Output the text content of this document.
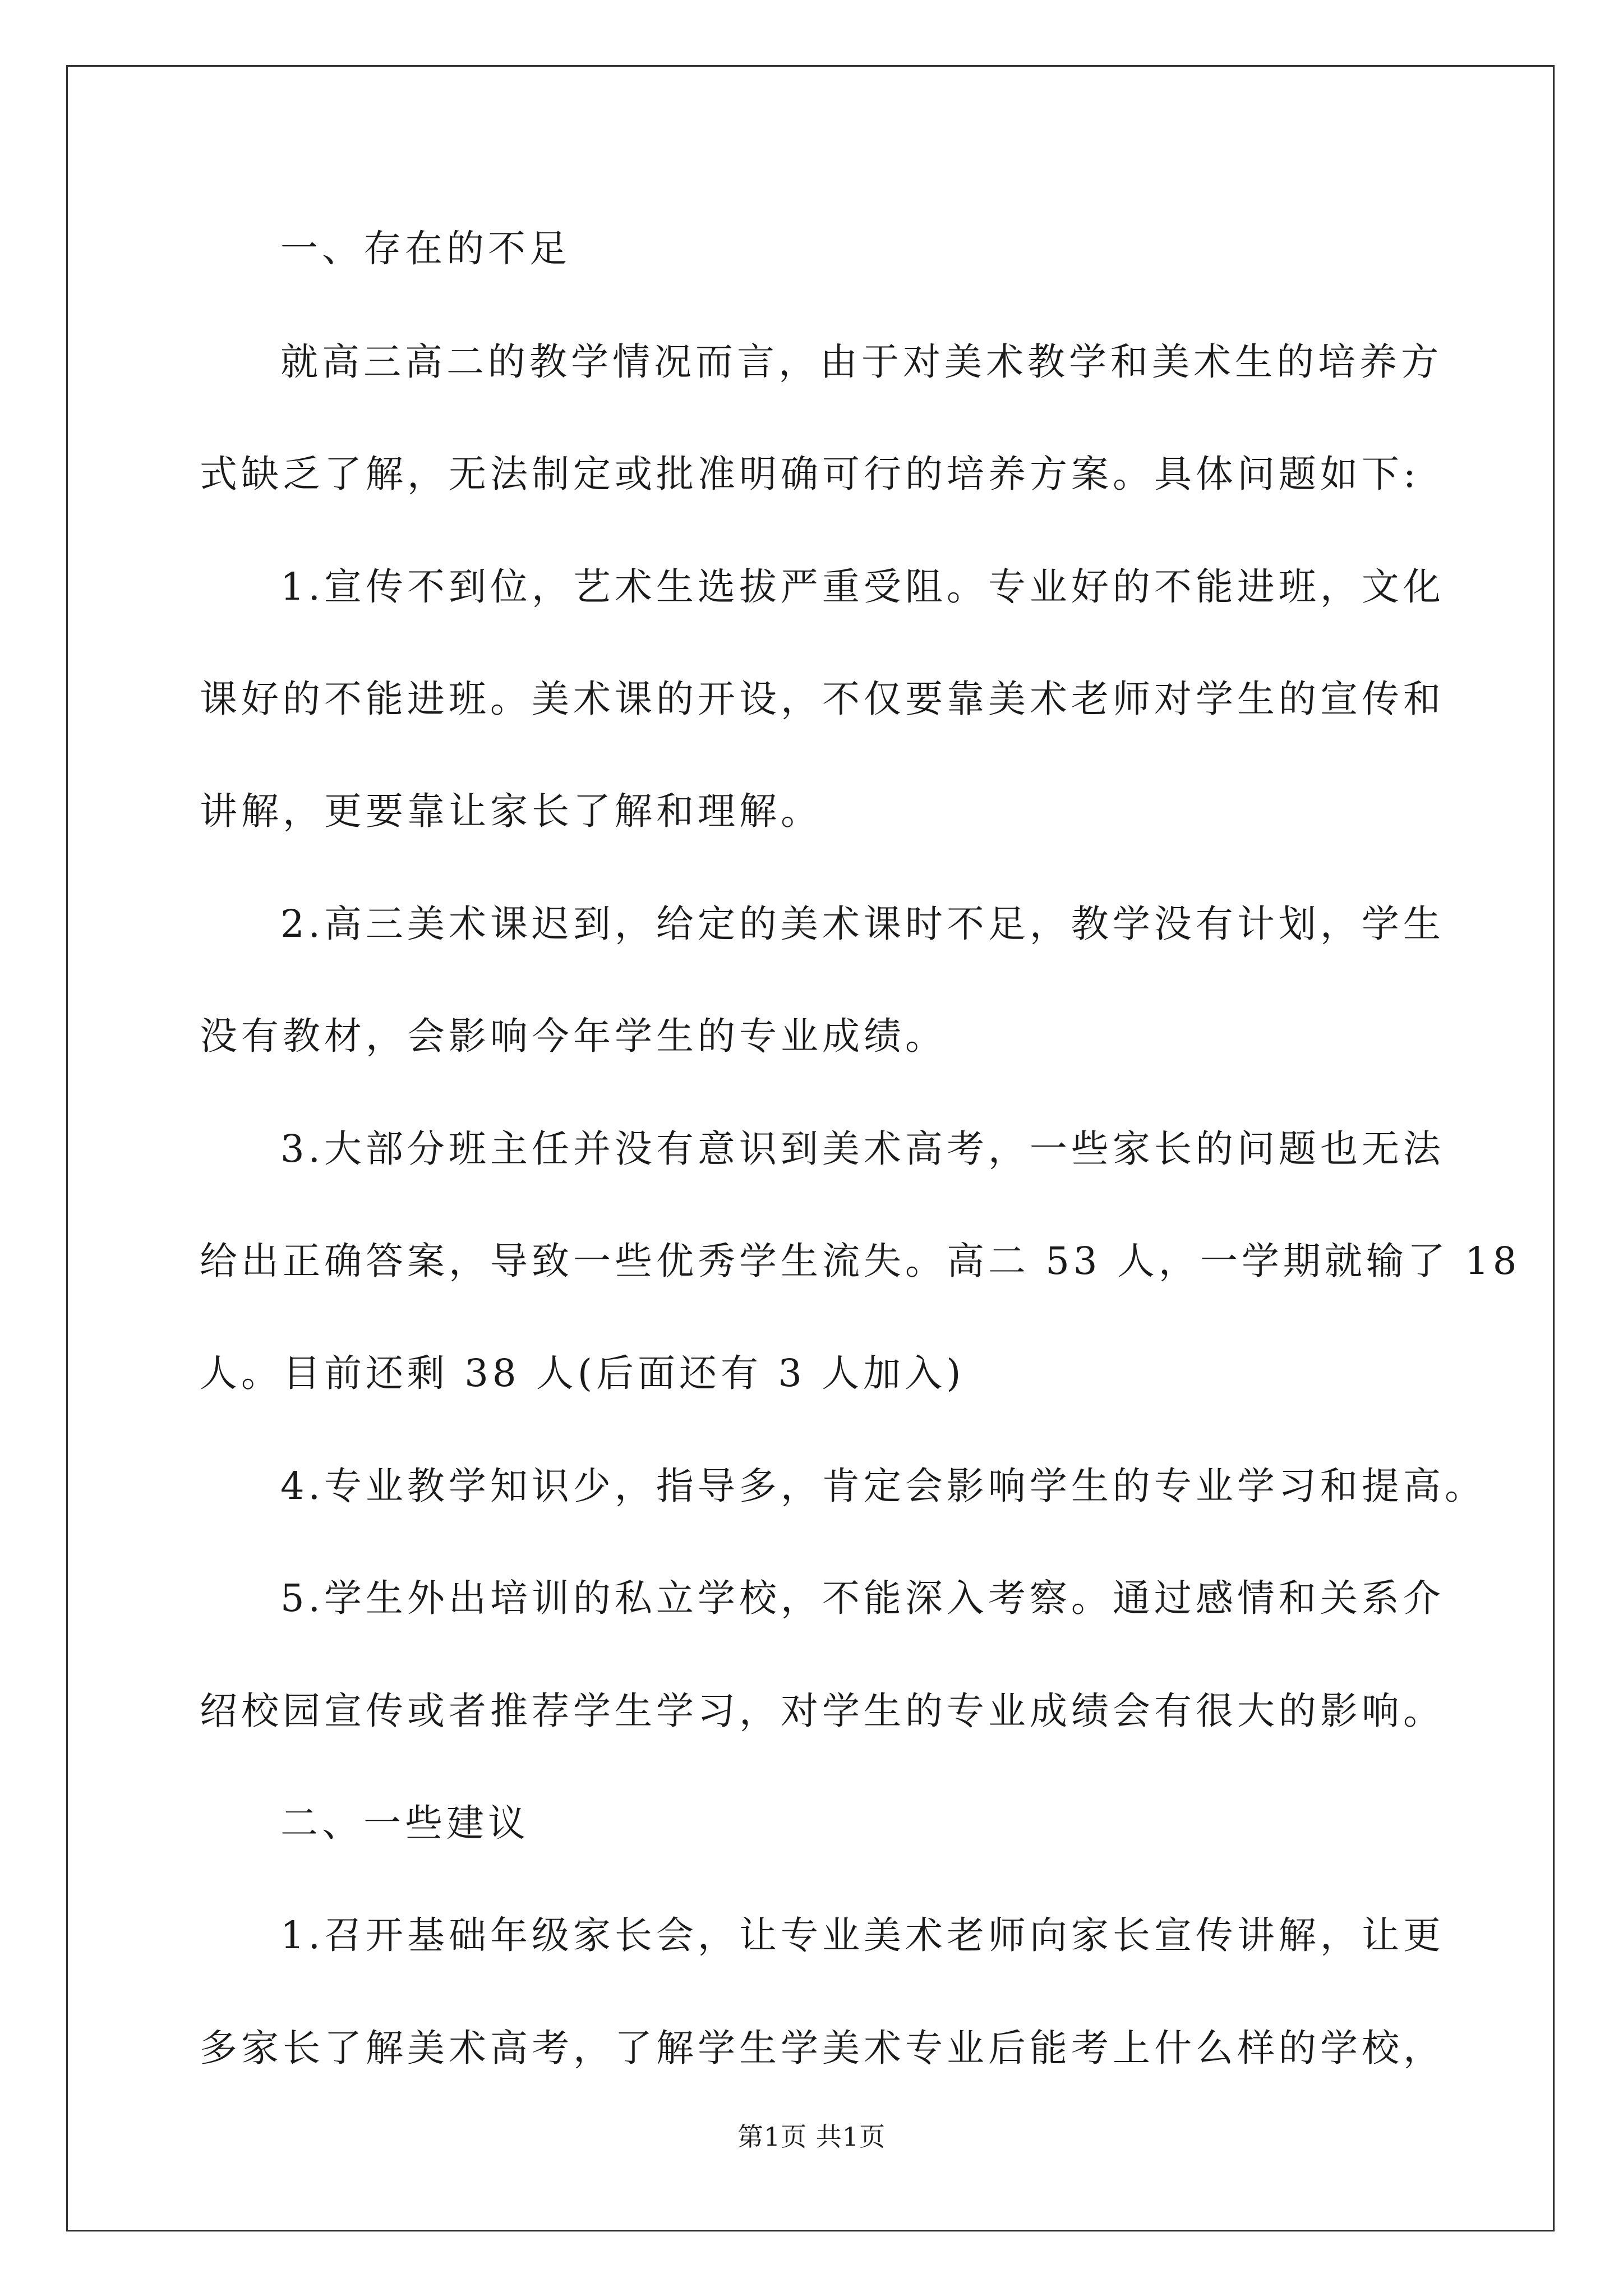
一、存在的不足

就高三高二的教学情况而言，由于对美术教学和美术生的培养方

式缺乏了解，无法制定或批准明确可行的培养方案。具体问题如下:

1.宣传不到位，艺术生选拔严重受阻。专业好的不能进班，文化

课好的不能进班。美术课的开设，不仅要靠美术老师对学生的宣传和

讲解，更要靠让家长了解和理解。

2.高三美术课迟到，给定的美术课时不足，教学没有计划，学生

没有教材，会影响今年学生的专业成绩。

3.大部分班主任并没有意识到美术高考，一些家长的问题也无法

给出正确答案，导致一些优秀学生流失。高二 53 人，一学期就输了 18

人。目前还剩 38 人(后面还有 3 人加入)

4.专业教学知识少，指导多，肯定会影响学生的专业学习和提高。

5.学生外出培训的私立学校，不能深入考察。通过感情和关系介

绍校园宣传或者推荐学生学习，对学生的专业成绩会有很大的影响。

二、一些建议

1.召开基础年级家长会，让专业美术老师向家长宣传讲解，让更

多家长了解美术高考，了解学生学美术专业后能考上什么样的学校，

第1页 共1页
